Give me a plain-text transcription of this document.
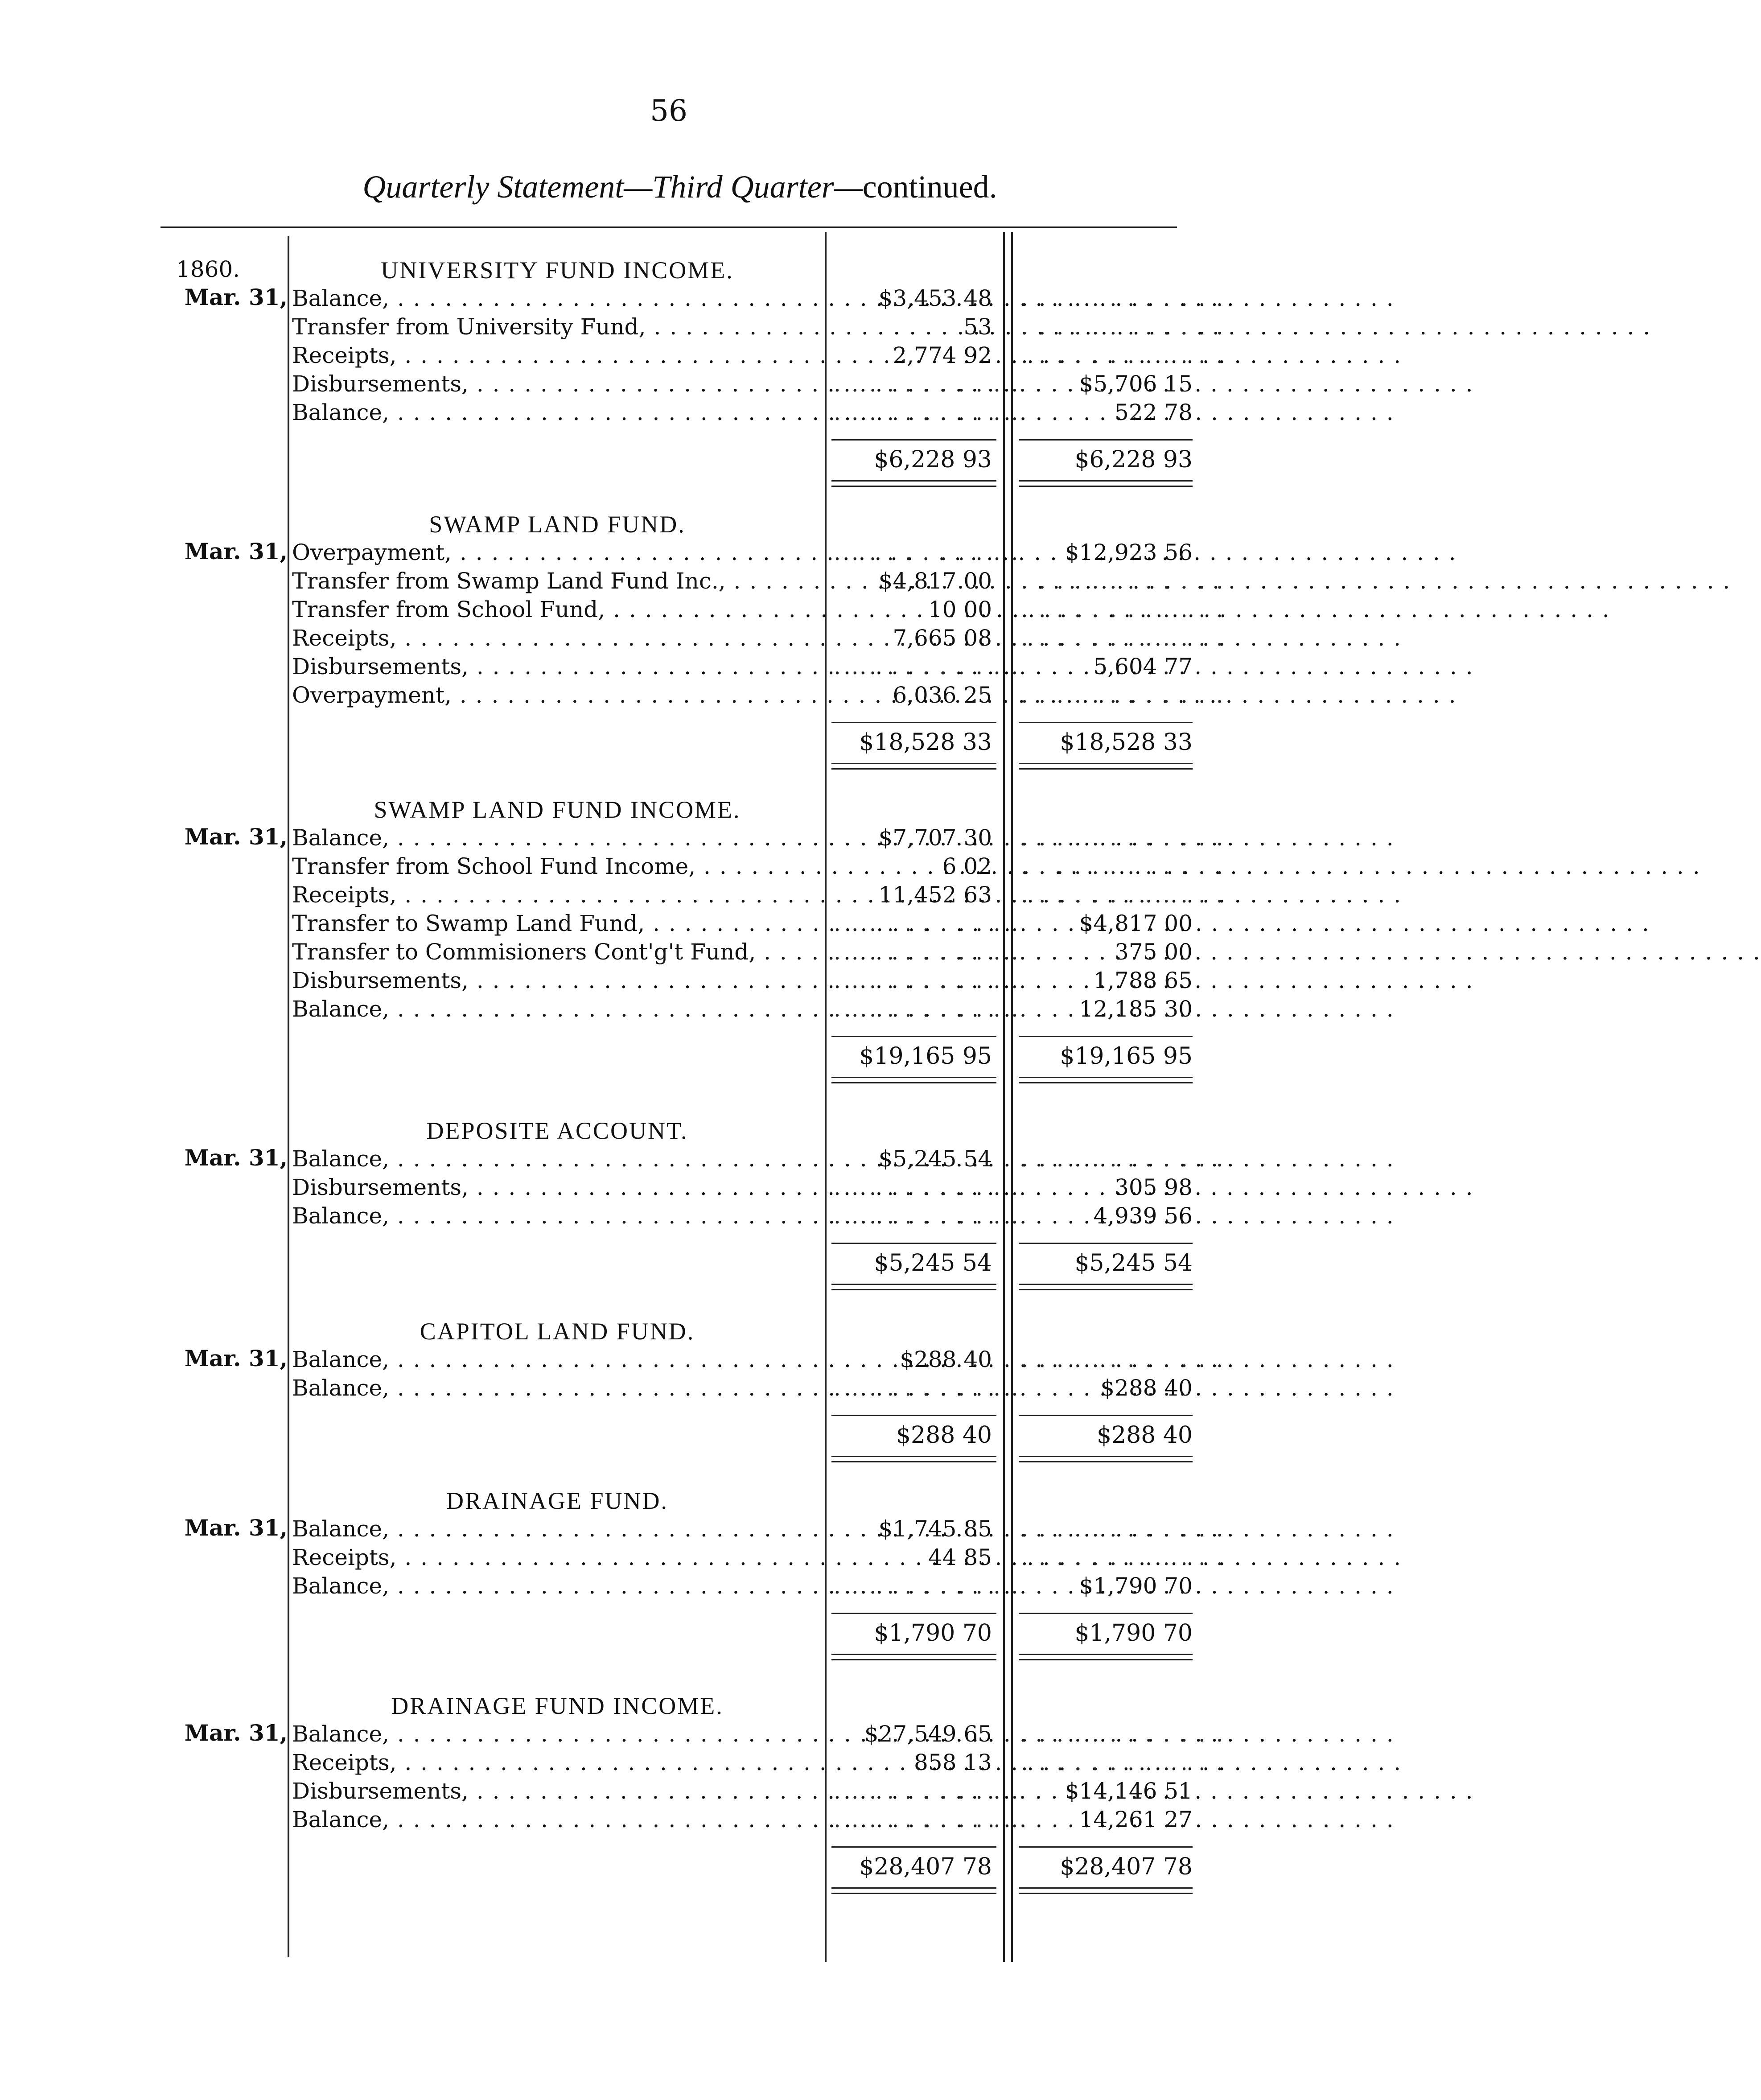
56
Quarterly Statement—Third Quarter—continued.
1860.	UNIVERSITY FUND INCOME.
Mar. 31, Balance, . . .	$3,453 48 . . . . . . . . . . . .
Transfer from University Fund, . . .	53 . . . . . . . . . . . .
Receipts, . . .	2,774 92 . . . . . . . . . . . .
Disbursements, . . .	. . . . . . . . . . .	$5,706 15
Balance, . . .	. . . . . . . . . . .	522 78
$6,228 93	$6,228 93
SWAMP LAND FUND.
Mar. 31, Overpayment, . . .	. . . . . . . . . . .	$12,923 56
Transfer from Swamp Land Fund Inc., . . .	$4,817 00 . . . . . . . . . . . .
Transfer from School Fund, . . .	10 00 . . . . . . . . . . . .
Receipts, . . .	7,665 08 . . . . . . . . . . . .
Disbursements, . . .	. . . . . . . . . . .	5,604 77
Overpayment, . . .	6,036 25 . . . . . . . . . . . .
$18,528 33	$18,528 33
SWAMP LAND FUND INCOME.
Mar. 31, Balance, . . .	$7,707 30 . . . . . . . . . . . .
Transfer from School Fund Income, . . .	6 02 . . . . . . . . . . . .
Receipts, . . .	11,452 63 . . . . . . . . . . . .
Transfer to Swamp Land Fund, . . .	. . . . . . . . . . .	$4,817 00
Transfer to Commisioners Cont'g't Fund, . . .	. . . . . . . . . . .	375 00
Disbursements, . . .	. . . . . . . . . . .	1,788 65
Balance, . . .	. . . . . . . . . . .	12,185 30
$19,165 95	$19,165 95
DEPOSITE ACCOUNT.
Mar. 31, Balance, . . .	$5,245 54 . . . . . . . . . . . .
Disbursements, . . .	. . . . . . . . . . .	305 98
Balance, . . .	. . . . . . . . . . .	4,939 56
$5,245 54	$5,245 54
CAPITOL LAND FUND.
Mar. 31, Balance, . . .	$288 40 . . . . . . . . . . . .
Balance, . . .	. . . . . . . . . . .	$288 40
$288 40	$288 40
DRAINAGE FUND.
Mar. 31, Balance, . . .	$1,745 85 . . . . . . . . . . . .
Receipts, . . .	44 85 . . . . . . . . . . . .
Balance, . . .	. . . . . . . . . . .	$1,790 70
$1,790 70	$1,790 70
DRAINAGE FUND INCOME.
Mar. 31, Balance, . . .	$27,549 65 . . . . . . . . . . . .
Receipts, . . .	858 13 . . . . . . . . . . . .
Disbursements, . . .	. . . . . . . . . . .	$14,146 51
Balance, . . .	. . . . . . . . . . .	14,261 27
$28,407 78	$28,407 78
